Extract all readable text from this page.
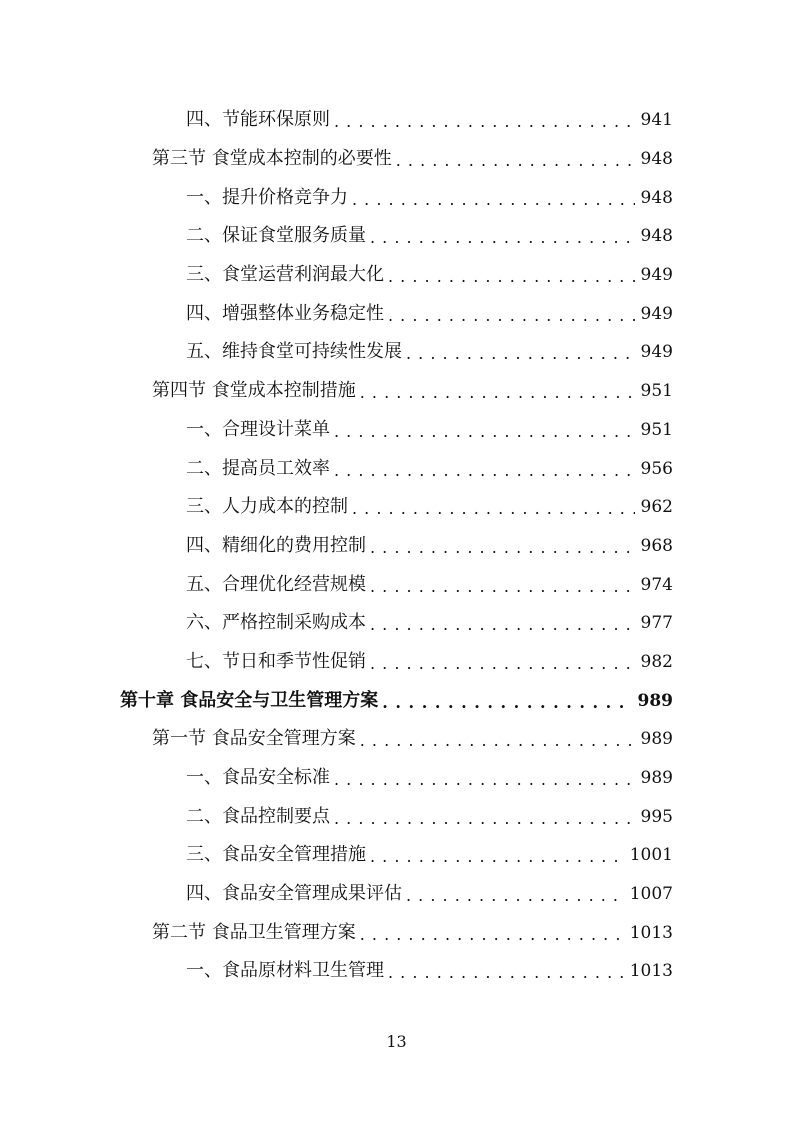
四、节能环保原则 . . .	941
第三节 食堂成本控制的必要性 . . .	948
一、提升价格竞争力 . . .	948
二、保证食堂服务质量 . . .	948
三、食堂运营利润最大化 . . .	949
四、增强整体业务稳定性 . . .	949
五、维持食堂可持续性发展 . . .	949
第四节 食堂成本控制措施 . . .	951
一、合理设计菜单 . . .	951
二、提高员工效率 . . .	956
三、人力成本的控制 . . .	962
四、精细化的费用控制 . . .	968
五、合理优化经营规模 . . .	974
六、严格控制采购成本 . . .	977
七、节日和季节性促销 . . .	982
第十章 食品安全与卫生管理方案 . . .	989
第一节 食品安全管理方案 . . .	989
一、食品安全标准 . . .	989
二、食品控制要点 . . .	995
三、食品安全管理措施 . . .	1001
四、食品安全管理成果评估 . . .	1007
第二节 食品卫生管理方案 . . .	1013
一、食品原材料卫生管理 . . .	1013
13
